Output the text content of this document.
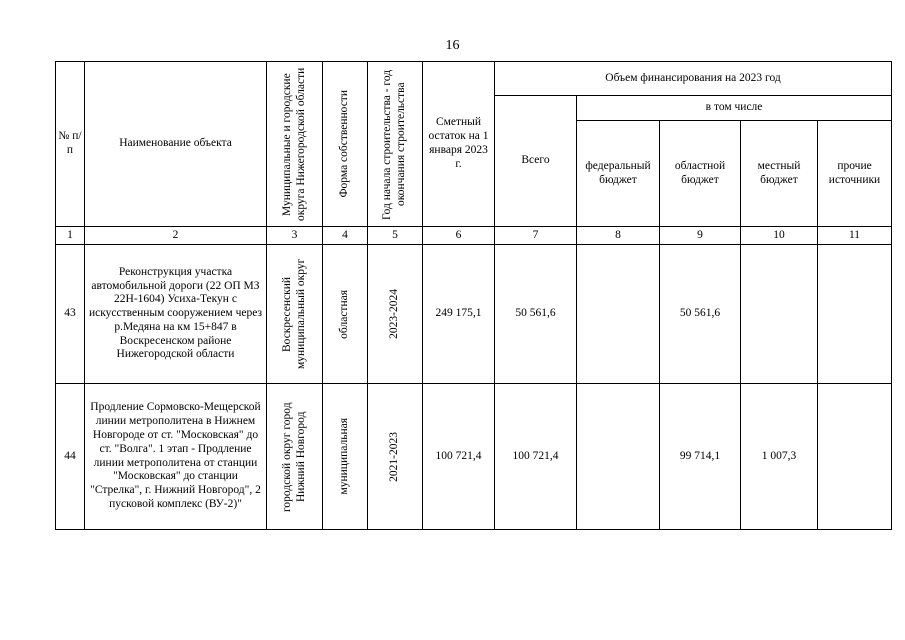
16
№ п/п	Наименование объекта	Муниципальные и городские округа Нижегородской области	Форма собственности	Год начала строительства - год окончания строительства	Сметный остаток на 1 января 2023 г.	Объем финансирования на 2023 год				
						Всего	в том числе			
							федеральный бюджет	областной бюджет	местный бюджет	прочие источники
1	2	3	4	5	6	7	8	9	10	11
43	Реконструкция участка автомобильной дороги (22 ОП МЗ 22Н-1604) Усиха-Текун с искусственным сооружением через р.Медяна на км 15+847 в Воскресенском районе Нижегородской области	Воскресенский муниципальный округ	областная	2023-2024	249 175,1	50 561,6		50 561,6		
44	Продление Сормовско-Мещерской линии метрополитена в Нижнем Новгороде от ст. "Московская" до ст. "Волга". 1 этап - Продление линии метрополитена от станции "Московская" до станции "Стрелка", г. Нижний Новгород", 2 пусковой комплекс (ВУ-2)"	городской округ город Нижний Новгород	муниципальная	2021-2023	100 721,4	100 721,4		99 714,1	1 007,3	
